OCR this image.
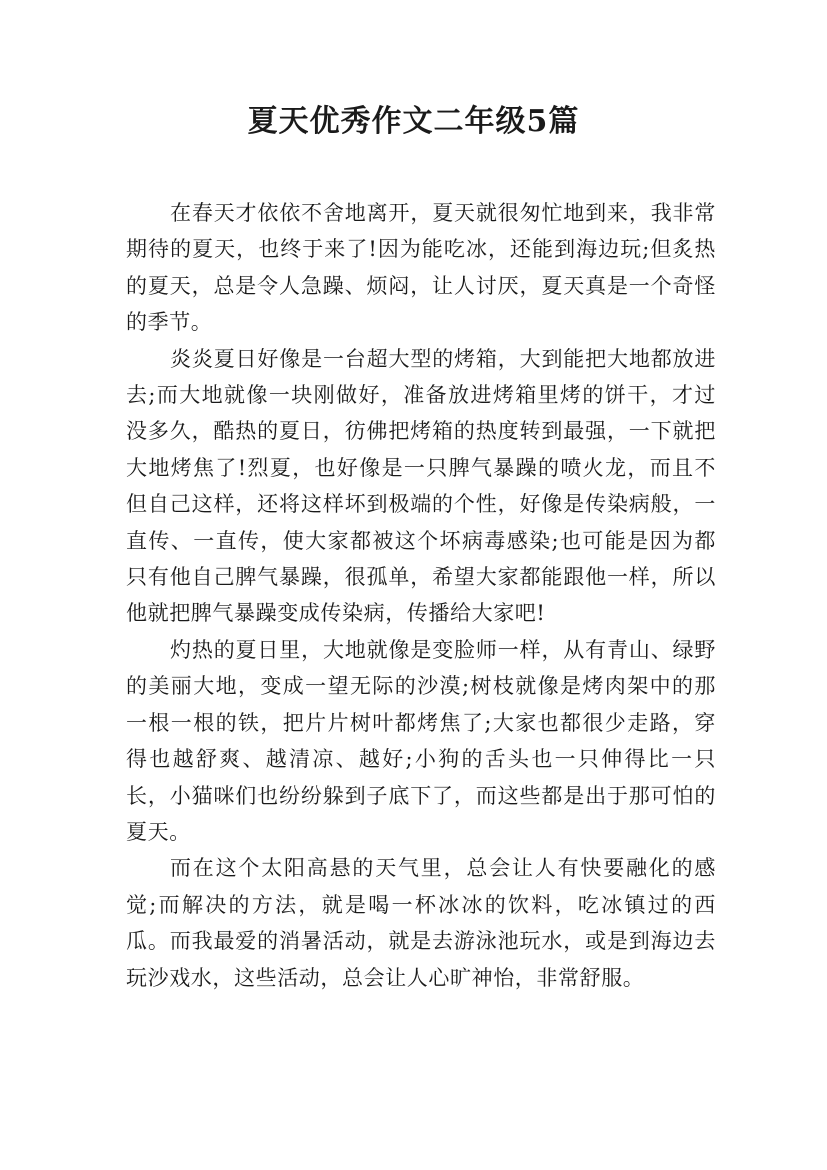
夏天优秀作文二年级5篇

在春天才依依不舍地离开，夏天就很匆忙地到来，我非常期待的夏天，也终于来了!因为能吃冰，还能到海边玩;但炙热的夏天，总是令人急躁、烦闷，让人讨厌，夏天真是一个奇怪的季节。

炎炎夏日好像是一台超大型的烤箱，大到能把大地都放进去;而大地就像一块刚做好，准备放进烤箱里烤的饼干，才过没多久，酷热的夏日，彷佛把烤箱的热度转到最强，一下就把大地烤焦了!烈夏，也好像是一只脾气暴躁的喷火龙，而且不但自己这样，还将这样坏到极端的个性，好像是传染病般，一直传、一直传，使大家都被这个坏病毒感染;也可能是因为都只有他自己脾气暴躁，很孤单，希望大家都能跟他一样，所以他就把脾气暴躁变成传染病，传播给大家吧!

灼热的夏日里，大地就像是变脸师一样，从有青山、绿野的美丽大地，变成一望无际的沙漠;树枝就像是烤肉架中的那一根一根的铁，把片片树叶都烤焦了;大家也都很少走路，穿得也越舒爽、越清凉、越好;小狗的舌头也一只伸得比一只长，小猫咪们也纷纷躲到子底下了，而这些都是出于那可怕的夏天。

而在这个太阳高悬的天气里，总会让人有快要融化的感觉;而解决的方法，就是喝一杯冰冰的饮料，吃冰镇过的西瓜。而我最爱的消暑活动，就是去游泳池玩水，或是到海边去玩沙戏水，这些活动，总会让人心旷神怡，非常舒服。
